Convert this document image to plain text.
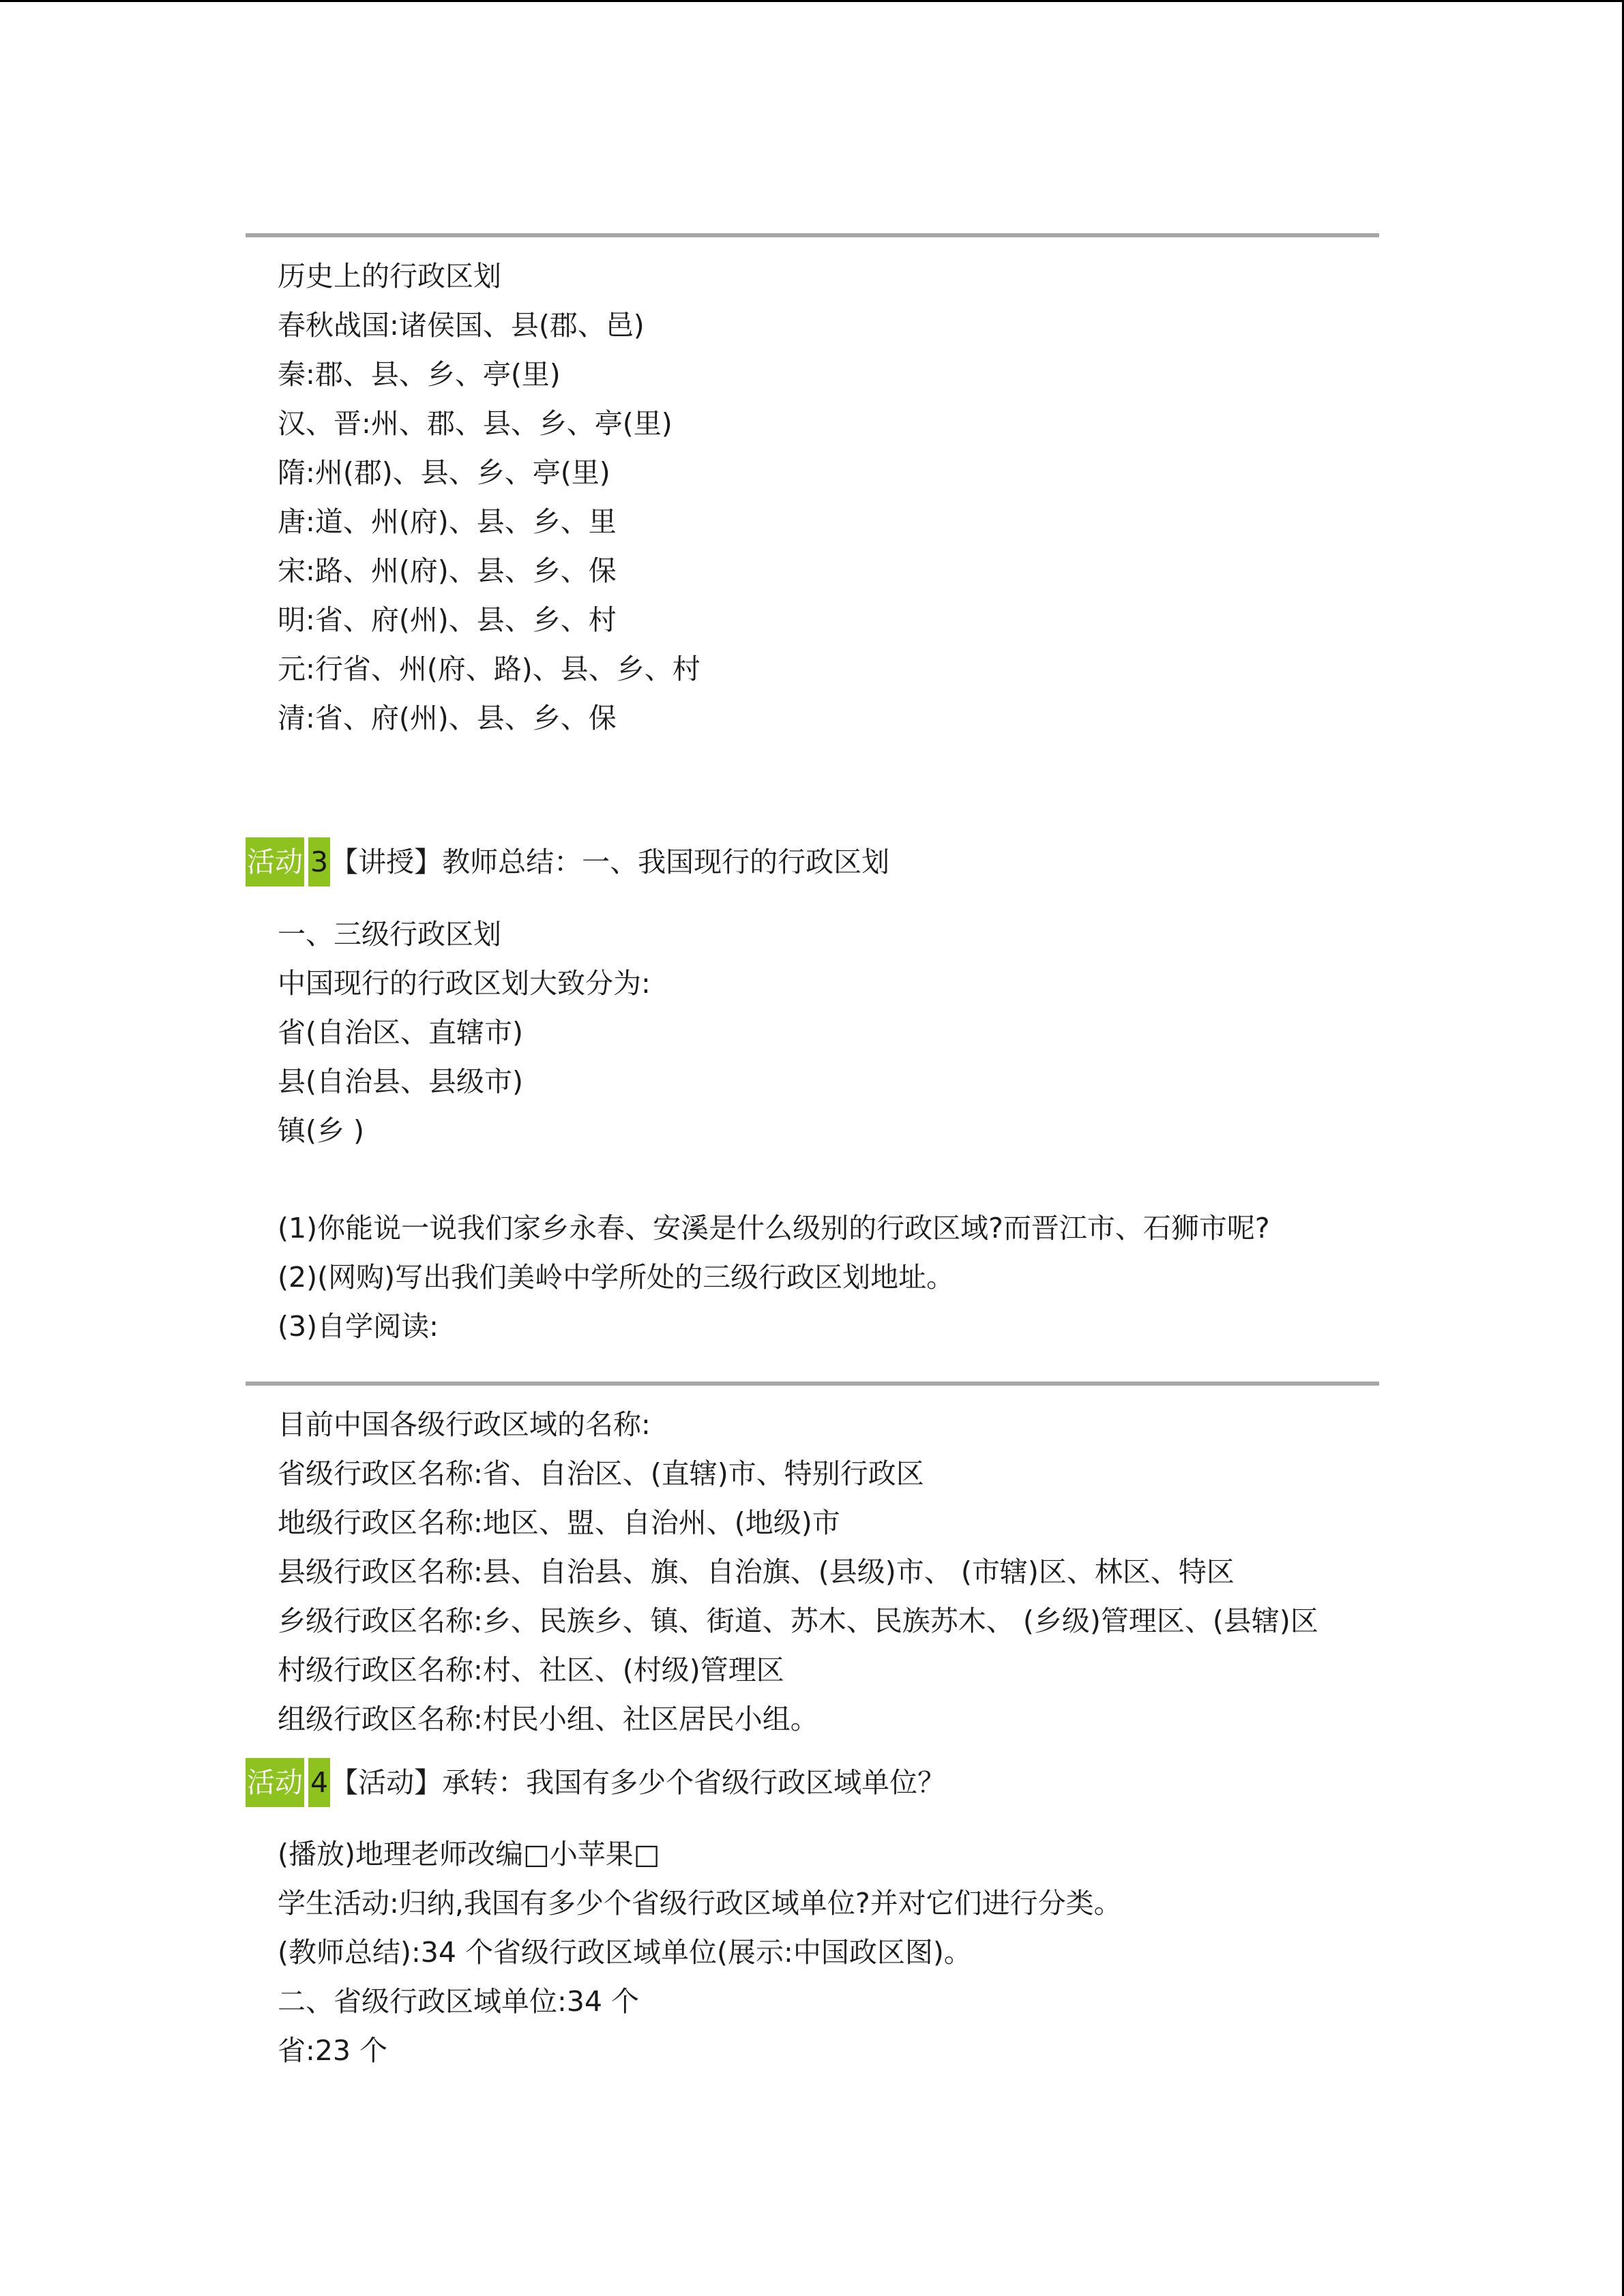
历史上的行政区划
春秋战国:诸侯国、县(郡、邑)
秦:郡、县、乡、亭(里)
汉、晋:州、郡、县、乡、亭(里)
隋:州(郡)、县、乡、亭(里)
唐:道、州(府)、县、乡、里
宋:路、州(府)、县、乡、保
明:省、府(州)、县、乡、村
元:行省、州(府、路)、县、乡、村
清:省、府(州)、县、乡、保
活动 3【讲授】教师总结：一、我国现行的行政区划
一、三级行政区划
中国现行的行政区划大致分为:
省(自治区、直辖市)
县(自治县、县级市)
镇(乡 )
(1)你能说一说我们家乡永春、安溪是什么级别的行政区域?而晋江市、石狮市呢?
(2)(网购)写出我们美岭中学所处的三级行政区划地址。
(3)自学阅读:
目前中国各级行政区域的名称:
省级行政区名称:省、自治区、(直辖)市、特别行政区
地级行政区名称:地区、盟、自治州、(地级)市
县级行政区名称:县、自治县、旗、自治旗、(县级)市、 (市辖)区、林区、特区
乡级行政区名称:乡、民族乡、镇、街道、苏木、民族苏木、 (乡级)管理区、(县辖)区
村级行政区名称:村、社区、(村级)管理区
组级行政区名称:村民小组、社区居民小组。
活动 4【活动】承转：我国有多少个省级行政区域单位？
(播放)地理老师改编□小苹果□
学生活动:归纳,我国有多少个省级行政区域单位?并对它们进行分类。
(教师总结):34 个省级行政区域单位(展示:中国政区图)。
二、省级行政区域单位:34 个
省:23 个
